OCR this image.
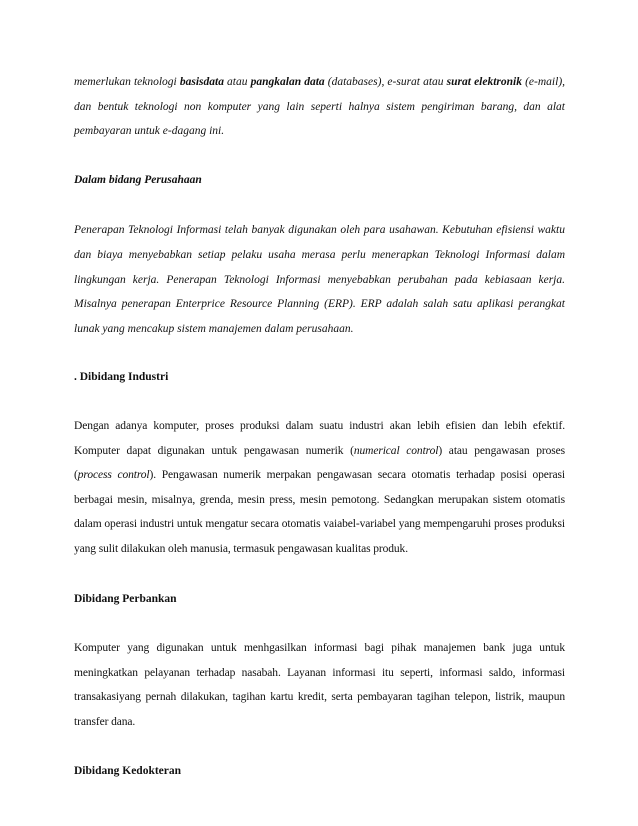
memerlukan teknologi basisdata atau pangkalan data (databases), e-surat atau surat elektronik (e-mail), dan bentuk teknologi non komputer yang lain seperti halnya sistem pengiriman barang, dan alat pembayaran untuk e-dagang ini.

Dalam bidang Perusahaan

Penerapan Teknologi Informasi telah banyak digunakan oleh para usahawan. Kebutuhan efisiensi waktu dan biaya menyebabkan setiap pelaku usaha merasa perlu menerapkan Teknologi Informasi dalam lingkungan kerja. Penerapan Teknologi Informasi menyebabkan perubahan pada kebiasaan kerja. Misalnya penerapan Enterprice Resource Planning (ERP). ERP adalah salah satu aplikasi perangkat lunak yang mencakup sistem manajemen dalam perusahaan.

. Dibidang Industri

Dengan adanya komputer, proses produksi dalam suatu industri akan lebih efisien dan lebih efektif. Komputer dapat digunakan untuk pengawasan numerik (numerical control) atau pengawasan proses (process control). Pengawasan numerik merpakan pengawasan secara otomatis terhadap posisi operasi berbagai mesin, misalnya, grenda, mesin press, mesin pemotong. Sedangkan merupakan sistem otomatis dalam operasi industri untuk mengatur secara otomatis vaiabel-variabel yang mempengaruhi proses produksi yang sulit dilakukan oleh manusia, termasuk pengawasan kualitas produk.

Dibidang Perbankan

Komputer yang digunakan untuk menhgasilkan informasi bagi pihak manajemen bank juga untuk meningkatkan pelayanan terhadap nasabah. Layanan informasi itu seperti, informasi saldo, informasi transakasiyang pernah dilakukan, tagihan kartu kredit, serta pembayaran tagihan telepon, listrik, maupun transfer dana.

Dibidang Kedokteran
